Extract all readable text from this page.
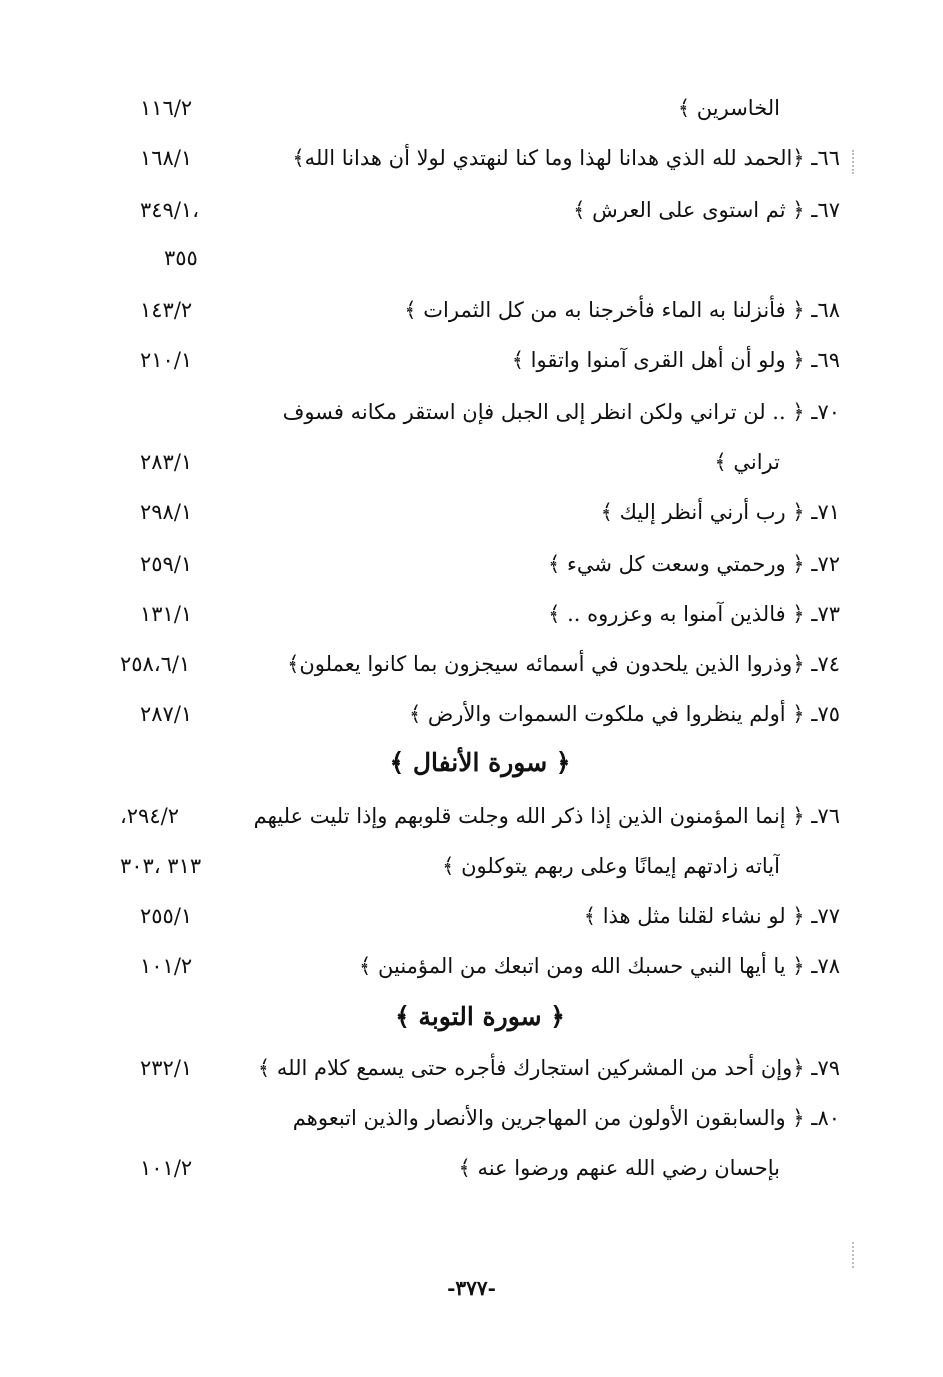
الخاسرين ﴾
١١٦/٢
٦٦ـ ﴿الحمد لله الذي هدانا لهذا وما كنا لنهتدي لولا أن هدانا الله﴾
١٦٨/١
٦٧ـ ﴿ ثم استوى على العرش ﴾
،٣٤٩/١
٣٥٥
٦٨ـ ﴿ فأنزلنا به الماء فأخرجنا به من كل الثمرات ﴾
١٤٣/٢
٦٩ـ ﴿ ولو أن أهل القرى آمنوا واتقوا ﴾
٢١٠/١
٧٠ـ ﴿ .. لن تراني ولكن انظر إلى الجبل فإن استقر مكانه فسوف
تراني ﴾
٢٨٣/١
٧١ـ ﴿ رب أرني أنظر إليك ﴾
٢٩٨/١
٧٢ـ ﴿ ورحمتي وسعت كل شيء ﴾
٢٥٩/١
٧٣ـ ﴿ فالذين آمنوا به وعزروه .. ﴾
١٣١/١
٧٤ـ ﴿وذروا الذين يلحدون في أسمائه سيجزون بما كانوا يعملون﴾
٢٥٨،٦/١
٧٥ـ ﴿ أولم ينظروا في ملكوت السموات والأرض ﴾
٢٨٧/١
﴿ سورة الأنفال ﴾
٧٦ـ ﴿ إنما المؤمنون الذين إذا ذكر الله وجلت قلوبهم وإذا تليت عليهم
٢٩٤/٢،
آياته زادتهم إيمانًا وعلى ربهم يتوكلون ﴾
٣١٣ ،٣٠٣
٧٧ـ ﴿ لو نشاء لقلنا مثل هذا ﴾
٢٥٥/١
٧٨ـ ﴿ يا أيها النبي حسبك الله ومن اتبعك من المؤمنين ﴾
١٠١/٢
﴿ سورة التوبة ﴾
٧٩ـ ﴿وإن أحد من المشركين استجارك فأجره حتى يسمع كلام الله ﴾
٢٣٢/١
٨٠ـ ﴿ والسابقون الأولون من المهاجرين والأنصار والذين اتبعوهم
بإحسان رضي الله عنهم ورضوا عنه ﴾
١٠١/٢
-٣٧٧-
